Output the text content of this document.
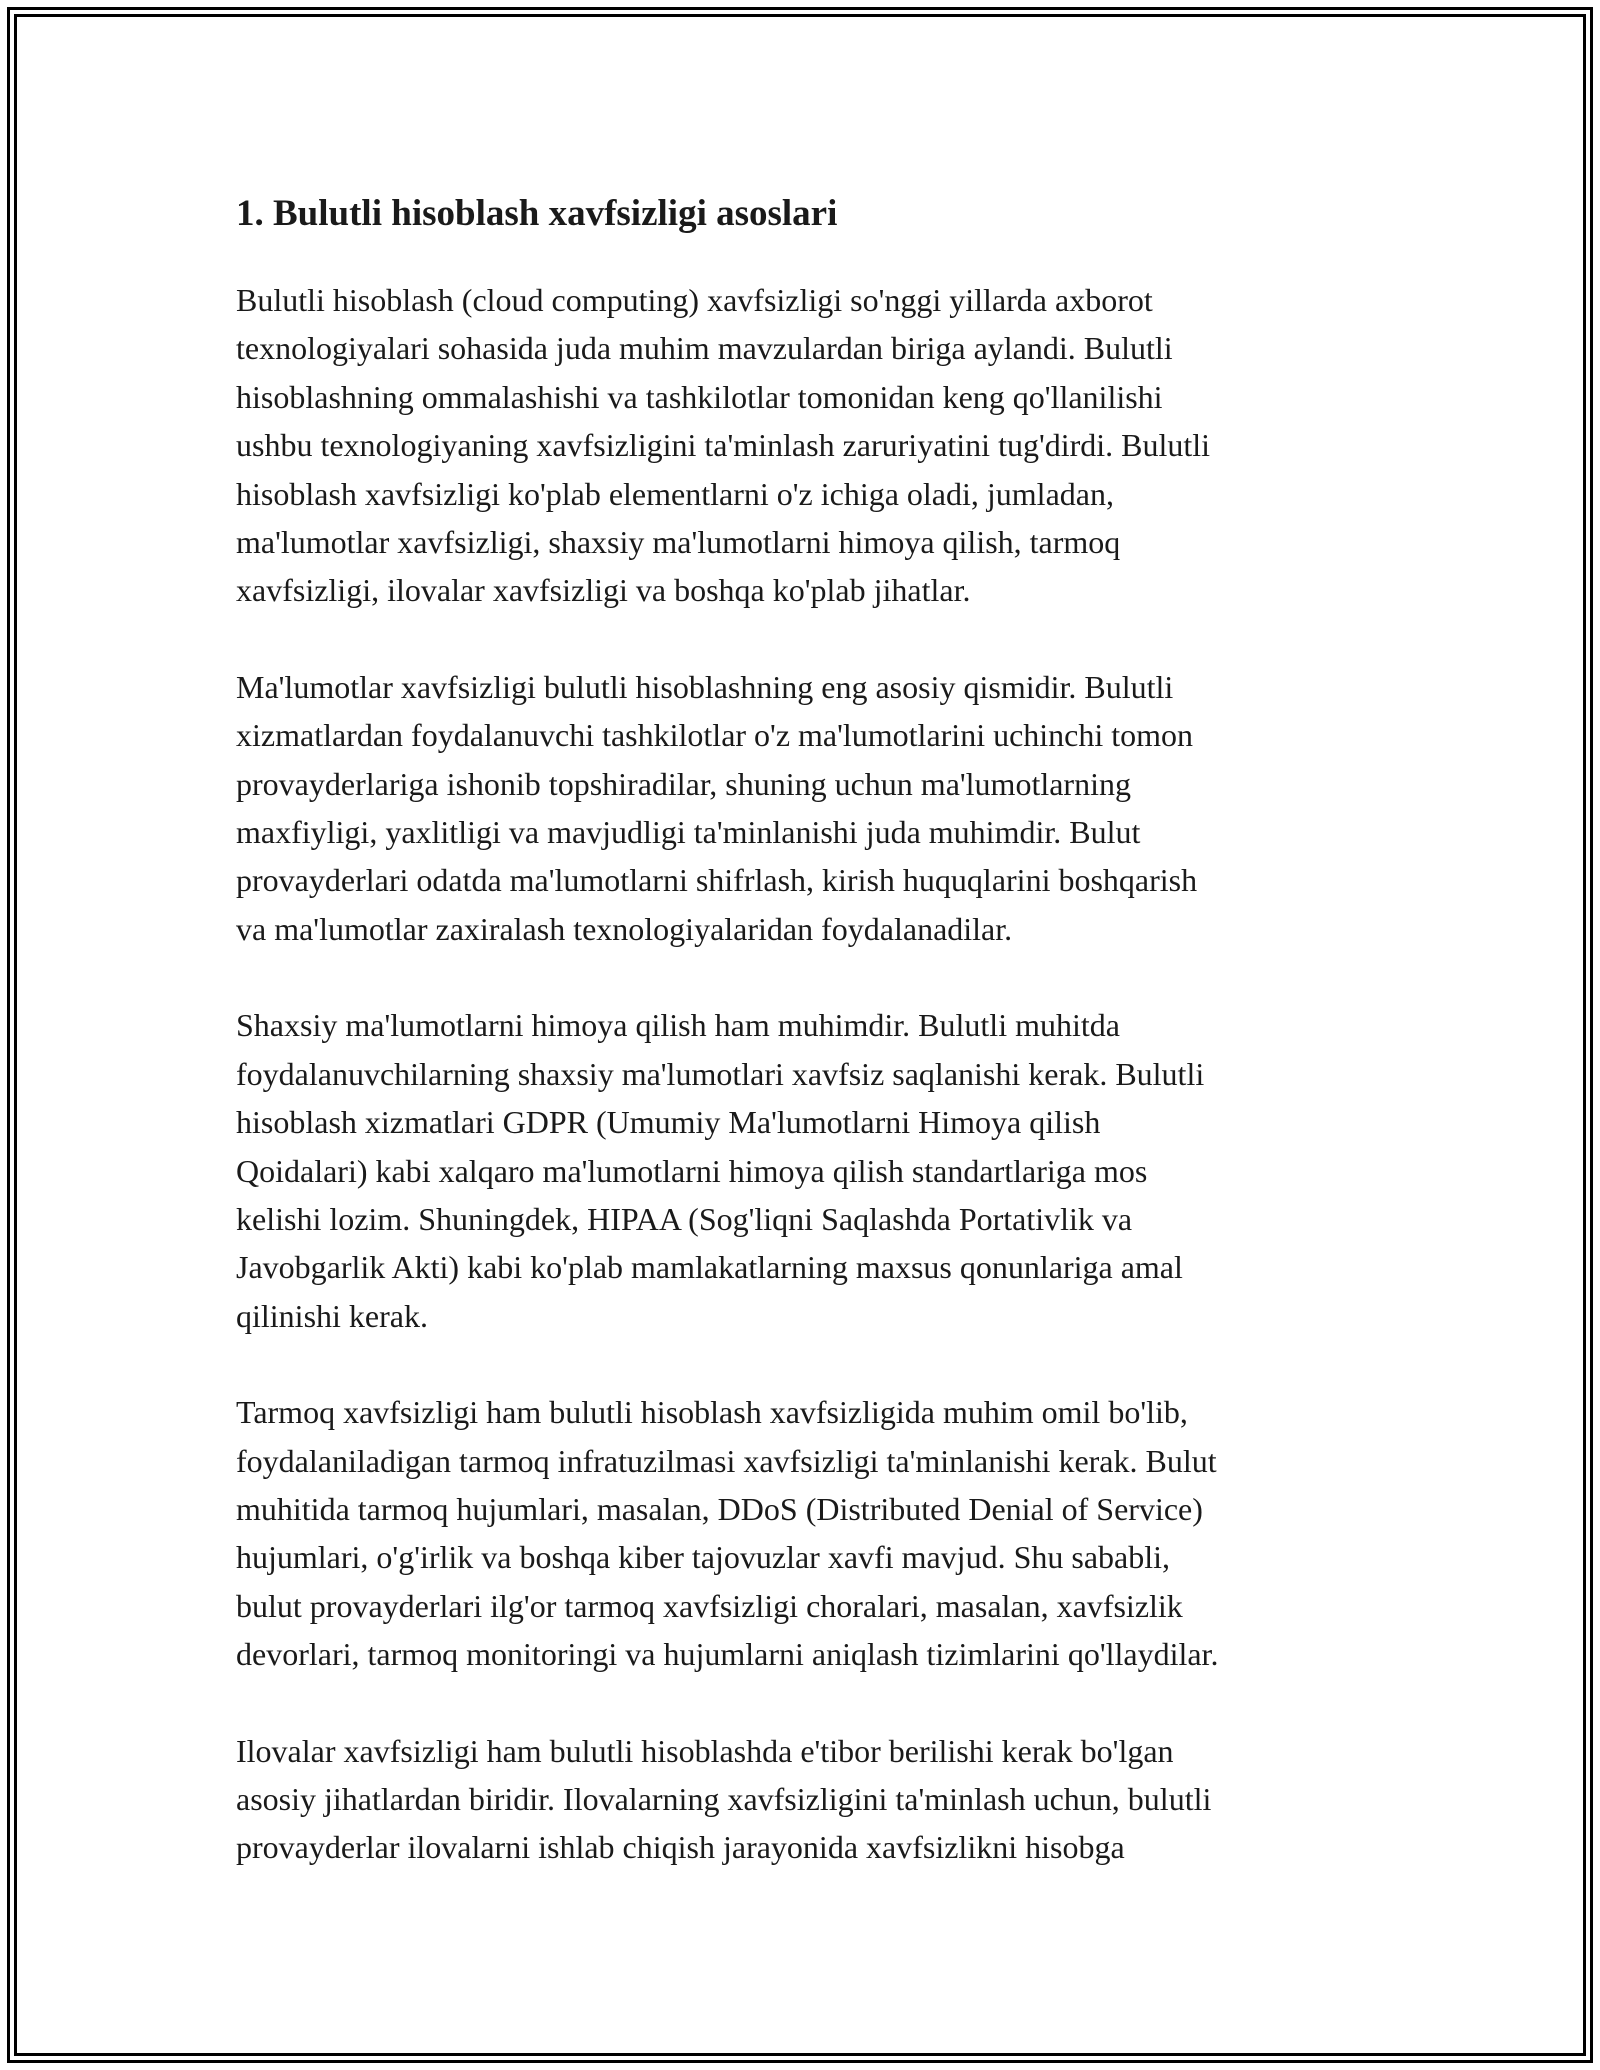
1. Bulutli hisoblash xavfsizligi asoslari

Bulutli hisoblash (cloud computing) xavfsizligi so'nggi yillarda axborot
texnologiyalari sohasida juda muhim mavzulardan biriga aylandi. Bulutli
hisoblashning ommalashishi va tashkilotlar tomonidan keng qo'llanilishi
ushbu texnologiyaning xavfsizligini ta'minlash zaruriyatini tug'dirdi. Bulutli
hisoblash xavfsizligi ko'plab elementlarni o'z ichiga oladi, jumladan,
ma'lumotlar xavfsizligi, shaxsiy ma'lumotlarni himoya qilish, tarmoq
xavfsizligi, ilovalar xavfsizligi va boshqa ko'plab jihatlar.

Ma'lumotlar xavfsizligi bulutli hisoblashning eng asosiy qismidir. Bulutli
xizmatlardan foydalanuvchi tashkilotlar o'z ma'lumotlarini uchinchi tomon
provayderlariga ishonib topshiradilar, shuning uchun ma'lumotlarning
maxfiyligi, yaxlitligi va mavjudligi ta'minlanishi juda muhimdir. Bulut
provayderlari odatda ma'lumotlarni shifrlash, kirish huquqlarini boshqarish
va ma'lumotlar zaxiralash texnologiyalaridan foydalanadilar.

Shaxsiy ma'lumotlarni himoya qilish ham muhimdir. Bulutli muhitda
foydalanuvchilarning shaxsiy ma'lumotlari xavfsiz saqlanishi kerak. Bulutli
hisoblash xizmatlari GDPR (Umumiy Ma'lumotlarni Himoya qilish
Qoidalari) kabi xalqaro ma'lumotlarni himoya qilish standartlariga mos
kelishi lozim. Shuningdek, HIPAA (Sog'liqni Saqlashda Portativlik va
Javobgarlik Akti) kabi ko'plab mamlakatlarning maxsus qonunlariga amal
qilinishi kerak.

Tarmoq xavfsizligi ham bulutli hisoblash xavfsizligida muhim omil bo'lib,
foydalaniladigan tarmoq infratuzilmasi xavfsizligi ta'minlanishi kerak. Bulut
muhitida tarmoq hujumlari, masalan, DDoS (Distributed Denial of Service)
hujumlari, o'g'irlik va boshqa kiber tajovuzlar xavfi mavjud. Shu sababli,
bulut provayderlari ilg'or tarmoq xavfsizligi choralari, masalan, xavfsizlik
devorlari, tarmoq monitoringi va hujumlarni aniqlash tizimlarini qo'llaydilar.

Ilovalar xavfsizligi ham bulutli hisoblashda e'tibor berilishi kerak bo'lgan
asosiy jihatlardan biridir. Ilovalarning xavfsizligini ta'minlash uchun, bulutli
provayderlar ilovalarni ishlab chiqish jarayonida xavfsizlikni hisobga
